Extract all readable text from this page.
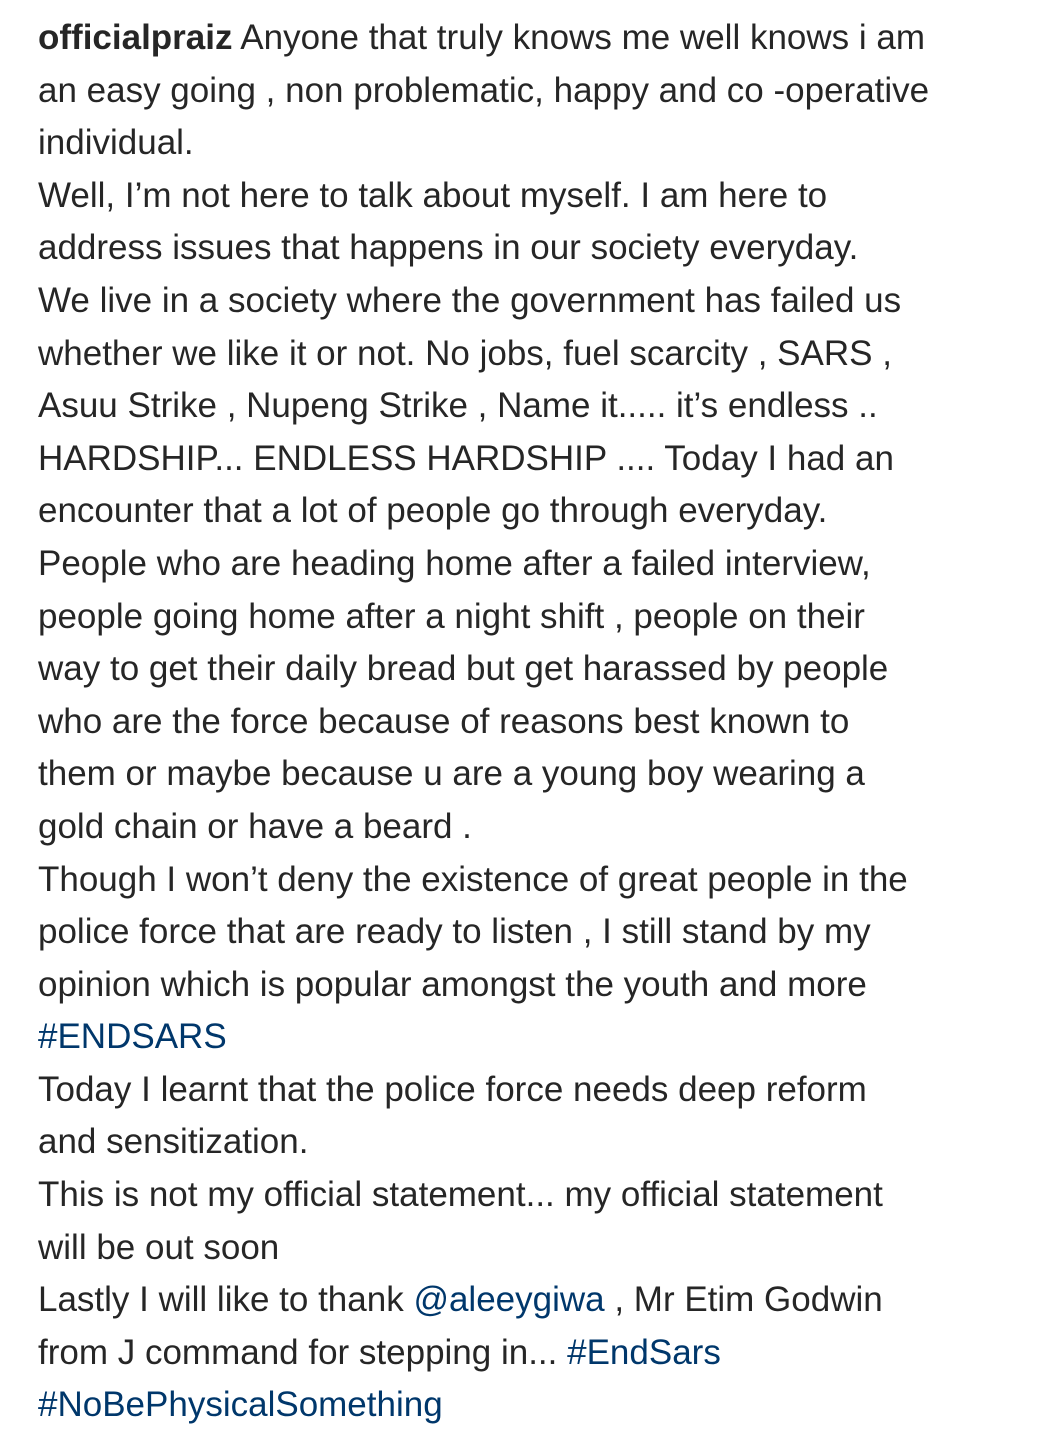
officialpraiz Anyone that truly knows me well knows i am
an easy going , non problematic, happy and co -operative
individual.
Well, I’m not here to talk about myself. I am here to
address issues that happens in our society everyday.
We live in a society where the government has failed us
whether we like it or not. No jobs, fuel scarcity , SARS ,
Asuu Strike , Nupeng Strike , Name it..... it’s endless ..
HARDSHIP... ENDLESS HARDSHIP .... Today I had an
encounter that a lot of people go through everyday.
People who are heading home after a failed interview,
people going home after a night shift , people on their
way to get their daily bread but get harassed by people
who are the force because of reasons best known to
them or maybe because u are a young boy wearing a
gold chain or have a beard .
Though I won’t deny the existence of great people in the
police force that are ready to listen , I still stand by my
opinion which is popular amongst the youth and more
#ENDSARS
Today I learnt that the police force needs deep reform
and sensitization.
This is not my official statement... my official statement
will be out soon
Lastly I will like to thank @aleeygiwa , Mr Etim Godwin
from J command for stepping in... #EndSars
#NoBePhysicalSomething
